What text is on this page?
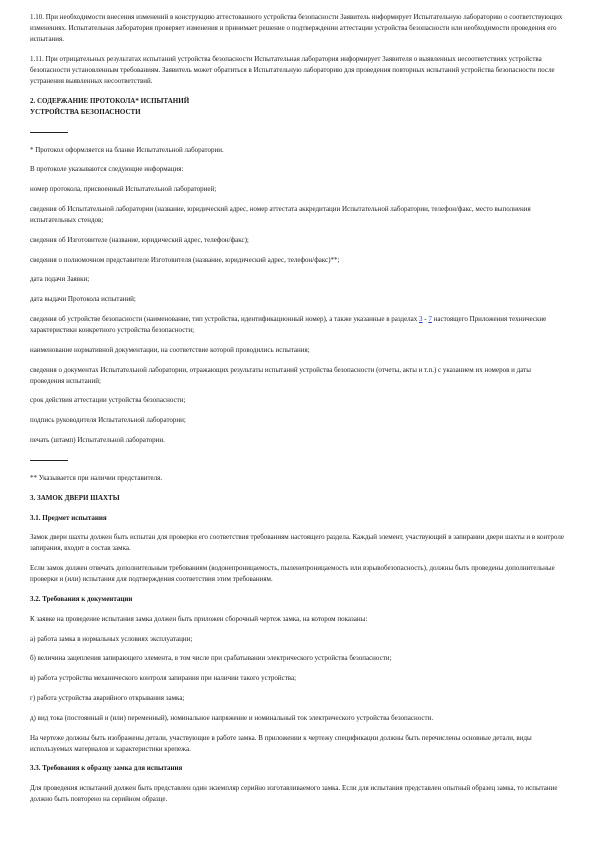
1.10. При необходимости внесения изменений в конструкцию аттестованного устройства безопасности Заявитель информирует Испытательную лабораторию о соответствующих изменениях. Испытательная лаборатория проверяет изменения и принимает решение о подтверждении аттестации устройства безопасности или необходимости проведения его испытания.

1.11. При отрицательных результатах испытаний устройства безопасности Испытательная лаборатория информирует Заявителя о выявленных несоответствиях устройства безопасности установленным требованиям. Заявитель может обратиться в Испытательную лабораторию для проведения повторных испытаний устройства безопасности после устранения выявленных несоответствий.

2. СОДЕРЖАНИЕ ПРОТОКОЛА* ИСПЫТАНИЙ

УСТРОЙСТВА БЕЗОПАСНОСТИ

* Протокол оформляется на бланке Испытательной лаборатории.

В протоколе указываются следующие информация:

номер протокола, присвоенный Испытательной лабораторией;

сведения об Испытательной лаборатории (название, юридический адрес, номер аттестата аккредитации Испытательной лаборатории, телефон/факс, место выполнения испытательных стендов;

сведения об Изготовителе (название, юридический адрес, телефон/факс);

сведения о полномочном представителе Изготовителя (название, юридический адрес, телефон/факс)**;

дата подачи Заявки;

дата выдачи Протокола испытаний;

сведения об устройстве безопасности (наименование, тип устройства, идентификационный номер), а также указанные в разделах 3 - 7 настоящего Приложения технические характеристики конкретного устройства безопасности;

наименование нормативной документации, на соответствие которой проводились испытания;

сведения о документах Испытательной лаборатории, отражающих результаты испытаний устройства безопасности (отчеты, акты и т.п.) с указанием их номеров и даты проведения испытаний;

срок действия аттестации устройства безопасности;

подпись руководителя Испытательной лаборатории;

печать (штамп) Испытательной лаборатории.

** Указывается при наличии представителя.

3. ЗАМОК ДВЕРИ ШАХТЫ

3.1. Предмет испытания

Замок двери шахты должен быть испытан для проверки его соответствия требованиям настоящего раздела. Каждый элемент, участвующий в запирании двери шахты и в контроле запирания, входит в состав замка.

Если замок должен отвечать дополнительным требованиям (водонепроницаемость, пыленепроницаемость или взрывобезопасность), должны быть проведены дополнительные проверки и (или) испытания для подтверждения соответствия этим требованиям.

3.2. Требования к документации

К заявке на проведение испытания замка должен быть приложен сборочный чертеж замка, на котором показаны:

а) работа замка в нормальных условиях эксплуатации;

б) величина зацепления запирающего элемента, в том числе при срабатывании электрического устройства безопасности;

в) работа устройства механического контроля запирания при наличии такого устройства;

г) работа устройства аварийного открывания замка;

д) вид тока (постоянный и (или) переменный), номинальное напряжение и номинальный ток электрического устройства безопасности.

На чертеже должны быть изображены детали, участвующие в работе замка. В приложении к чертежу спецификации должны быть перечислены основные детали, виды используемых материалов и характеристики крепежа.

3.3. Требования к образцу замка для испытания

Для проведения испытаний должен быть представлен один экземпляр серийно изготавливаемого замка. Если для испытания представлен опытный образец замка, то испытание должно быть повторено на серийном образце.
